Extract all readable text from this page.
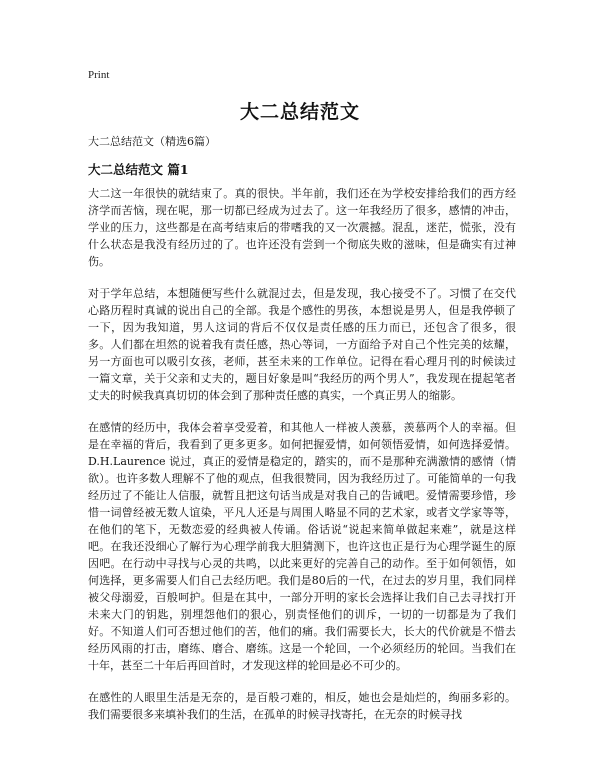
Print
大二总结范文
大二总结范文（精选6篇）
大二总结范文 篇1

大二这一年很快的就结束了。真的很快。半年前，我们还在为学校安排给我们的西方经济学而苦恼，现在呢，那一切都已经成为过去了。这一年我经历了很多，感情的冲击，学业的压力，这些都是在高考结束后的带嗜我的又一次震撼。混乱，迷茫，慌张，没有什么状态是我没有经历过的了。也许还没有尝到一个彻底失败的滋味，但是确实有过神伤。

对于学年总结，本想随便写些什么就混过去，但是发现，我心接受不了。习惯了在交代心路历程时真诚的说出自己的全部。我是个感性的男孩，本想说是男人，但是我停顿了一下，因为我知道，男人这词的背后不仅仅是责任感的压力而已，还包含了很多，很多。人们都在坦然的说着我有责任感，热心等词，一方面给予对自己个性完美的炫耀，另一方面也可以吸引女孩，老师，甚至未来的工作单位。记得在看心理月刊的时候读过一篇文章，关于父亲和丈夫的，题目好象是叫“我经历的两个男人”，我发现在提起笔者丈夫的时候我真真切切的体会到了那种责任感的真实，一个真正男人的缩影。

在感情的经历中，我体会着享受爱着，和其他人一样被人羡慕，羡慕两个人的幸福。但是在幸福的背后，我看到了更多更多。如何把握爱情，如何领悟爱情，如何选择爱情。D.H.Laurence 说过，真正的爱情是稳定的，踏实的，而不是那种充满激情的感情（情欲）。也许多数人理解不了他的观点，但我很赞同，因为我经历过了。可能简单的一句我经历过了不能让人信服，就暂且把这句话当成是对我自己的告诫吧。爱情需要珍惜，珍惜一词曾经被无数人谊染，平凡人还是与周围人略显不同的艺术家，或者文学家等等，在他们的笔下，无数恋爱的经典被人传诵。俗话说“说起来简单做起来难”，就是这样吧。在我还没细心了解行为心理学前我大胆猜测下，也许这也正是行为心理学诞生的原因吧。在行动中寻找与心灵的共鸣，以此来更好的完善自己的动作。至于如何领悟，如何选择，更多需要人们自己去经历吧。我们是80后的一代，在过去的岁月里，我们同样被父母溺爱，百般呵护。但是在其中，一部分开明的家长会选择让我们自己去寻找打开未来大门的钥匙，别埋怨他们的狠心，别责怪他们的训斥，一切的一切都是为了我们好。不知道人们可否想过他们的苦，他们的痛。我们需要长大，长大的代价就是不惜去经历风雨的打击，磨练、磨合、磨练。这是一个轮回，一个必须经历的轮回。当我们在十年，甚至二十年后再回首时，才发现这样的轮回是必不可少的。

在感性的人眼里生活是无奈的，是百般刁难的，相反，她也会是灿烂的，绚丽多彩的。我们需要很多来填补我们的生活，在孤单的时候寻找寄托，在无奈的时候寻找
